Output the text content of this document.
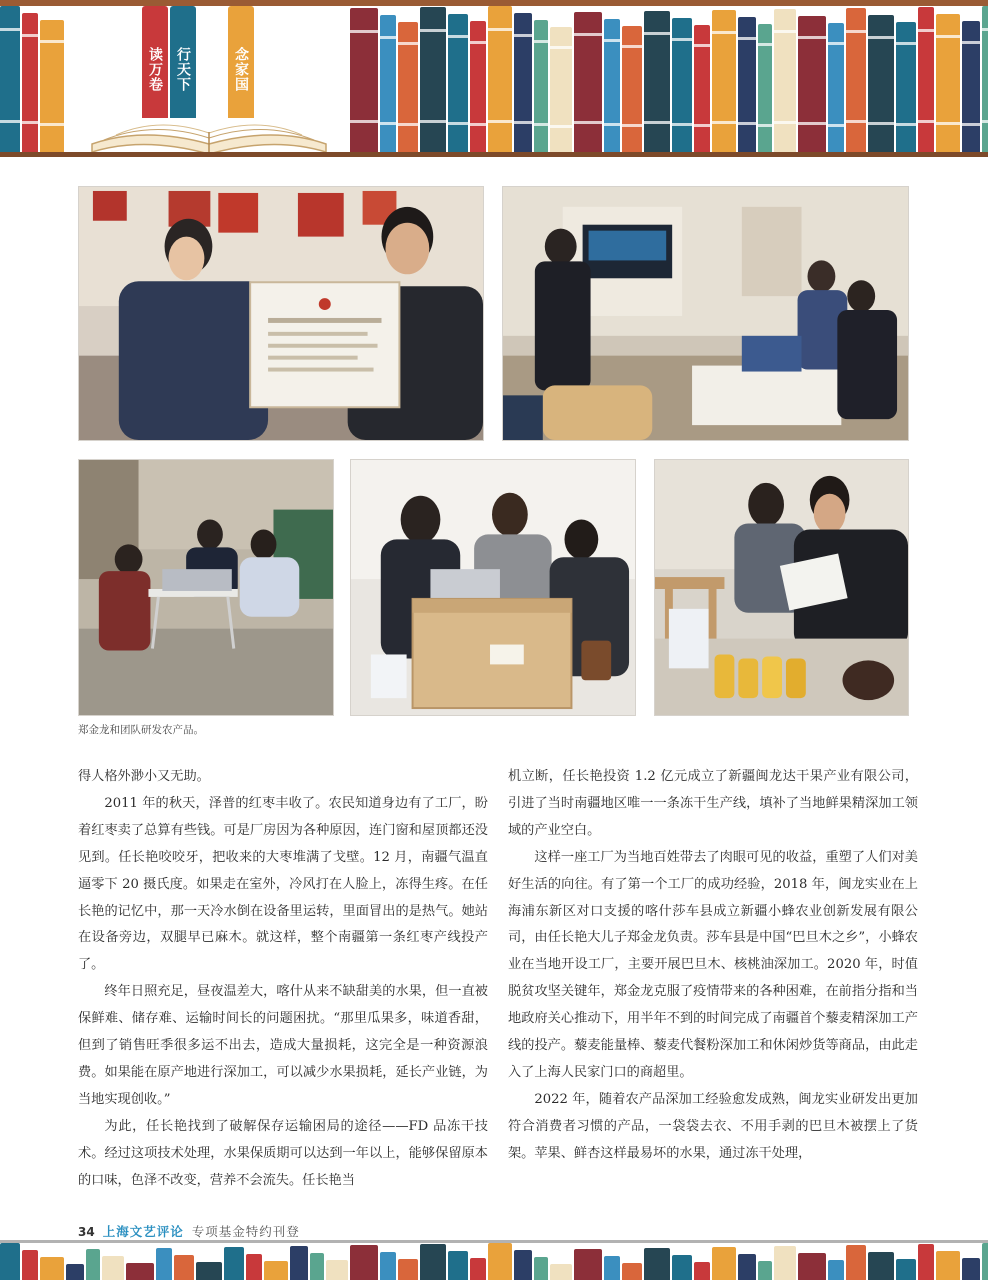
读万卷 行天下	念家国
郑金龙和团队研发农产品。

得人格外渺小又无助。

2011 年的秋天，泽普的红枣丰收了。农民知道身边有了工厂，盼着红枣卖了总算有些钱。可是厂房因为各种原因，连门窗和屋顶都还没见到。任长艳咬咬牙，把收来的大枣堆满了戈壁。12 月，南疆气温直逼零下 20 摄氏度。如果走在室外，冷风打在人脸上，冻得生疼。在任长艳的记忆中，那一天冷水倒在设备里运转，里面冒出的是热气。她站在设备旁边，双腿早已麻木。就这样，整个南疆第一条红枣产线投产了。

终年日照充足，昼夜温差大，喀什从来不缺甜美的水果，但一直被保鲜难、储存难、运输时间长的问题困扰。“那里瓜果多，味道香甜，但到了销售旺季很多运不出去，造成大量损耗，这完全是一种资源浪费。如果能在原产地进行深加工，可以减少水果损耗，延长产业链，为当地实现创收。”

为此，任长艳找到了破解保存运输困局的途径——FD 品冻干技术。经过这项技术处理，水果保质期可以达到一年以上，能够保留原本的口味，色泽不改变，营养不会流失。任长艳当

机立断，任长艳投资 1.2 亿元成立了新疆闽龙达干果产业有限公司，引进了当时南疆地区唯一一条冻干生产线，填补了当地鲜果精深加工领域的产业空白。

这样一座工厂为当地百姓带去了肉眼可见的收益，重塑了人们对美好生活的向往。有了第一个工厂的成功经验，2018 年，闽龙实业在上海浦东新区对口支援的喀什莎车县成立新疆小蜂农业创新发展有限公司，由任长艳大儿子郑金龙负责。莎车县是中国“巴旦木之乡”，小蜂农业在当地开设工厂，主要开展巴旦木、核桃油深加工。2020 年，时值脱贫攻坚关键年，郑金龙克服了疫情带来的各种困难，在前指分指和当地政府关心推动下，用半年不到的时间完成了南疆首个藜麦精深加工产线的投产。藜麦能量棒、藜麦代餐粉深加工和休闲炒货等商品，由此走入了上海人民家门口的商超里。

2022 年，随着农产品深加工经验愈发成熟，闽龙实业研发出更加符合消费者习惯的产品，一袋袋去衣、不用手剥的巴旦木被摆上了货架。苹果、鲜杏这样最易坏的水果，通过冻干处理，

34 上海文艺评论 专项基金特约刊登
